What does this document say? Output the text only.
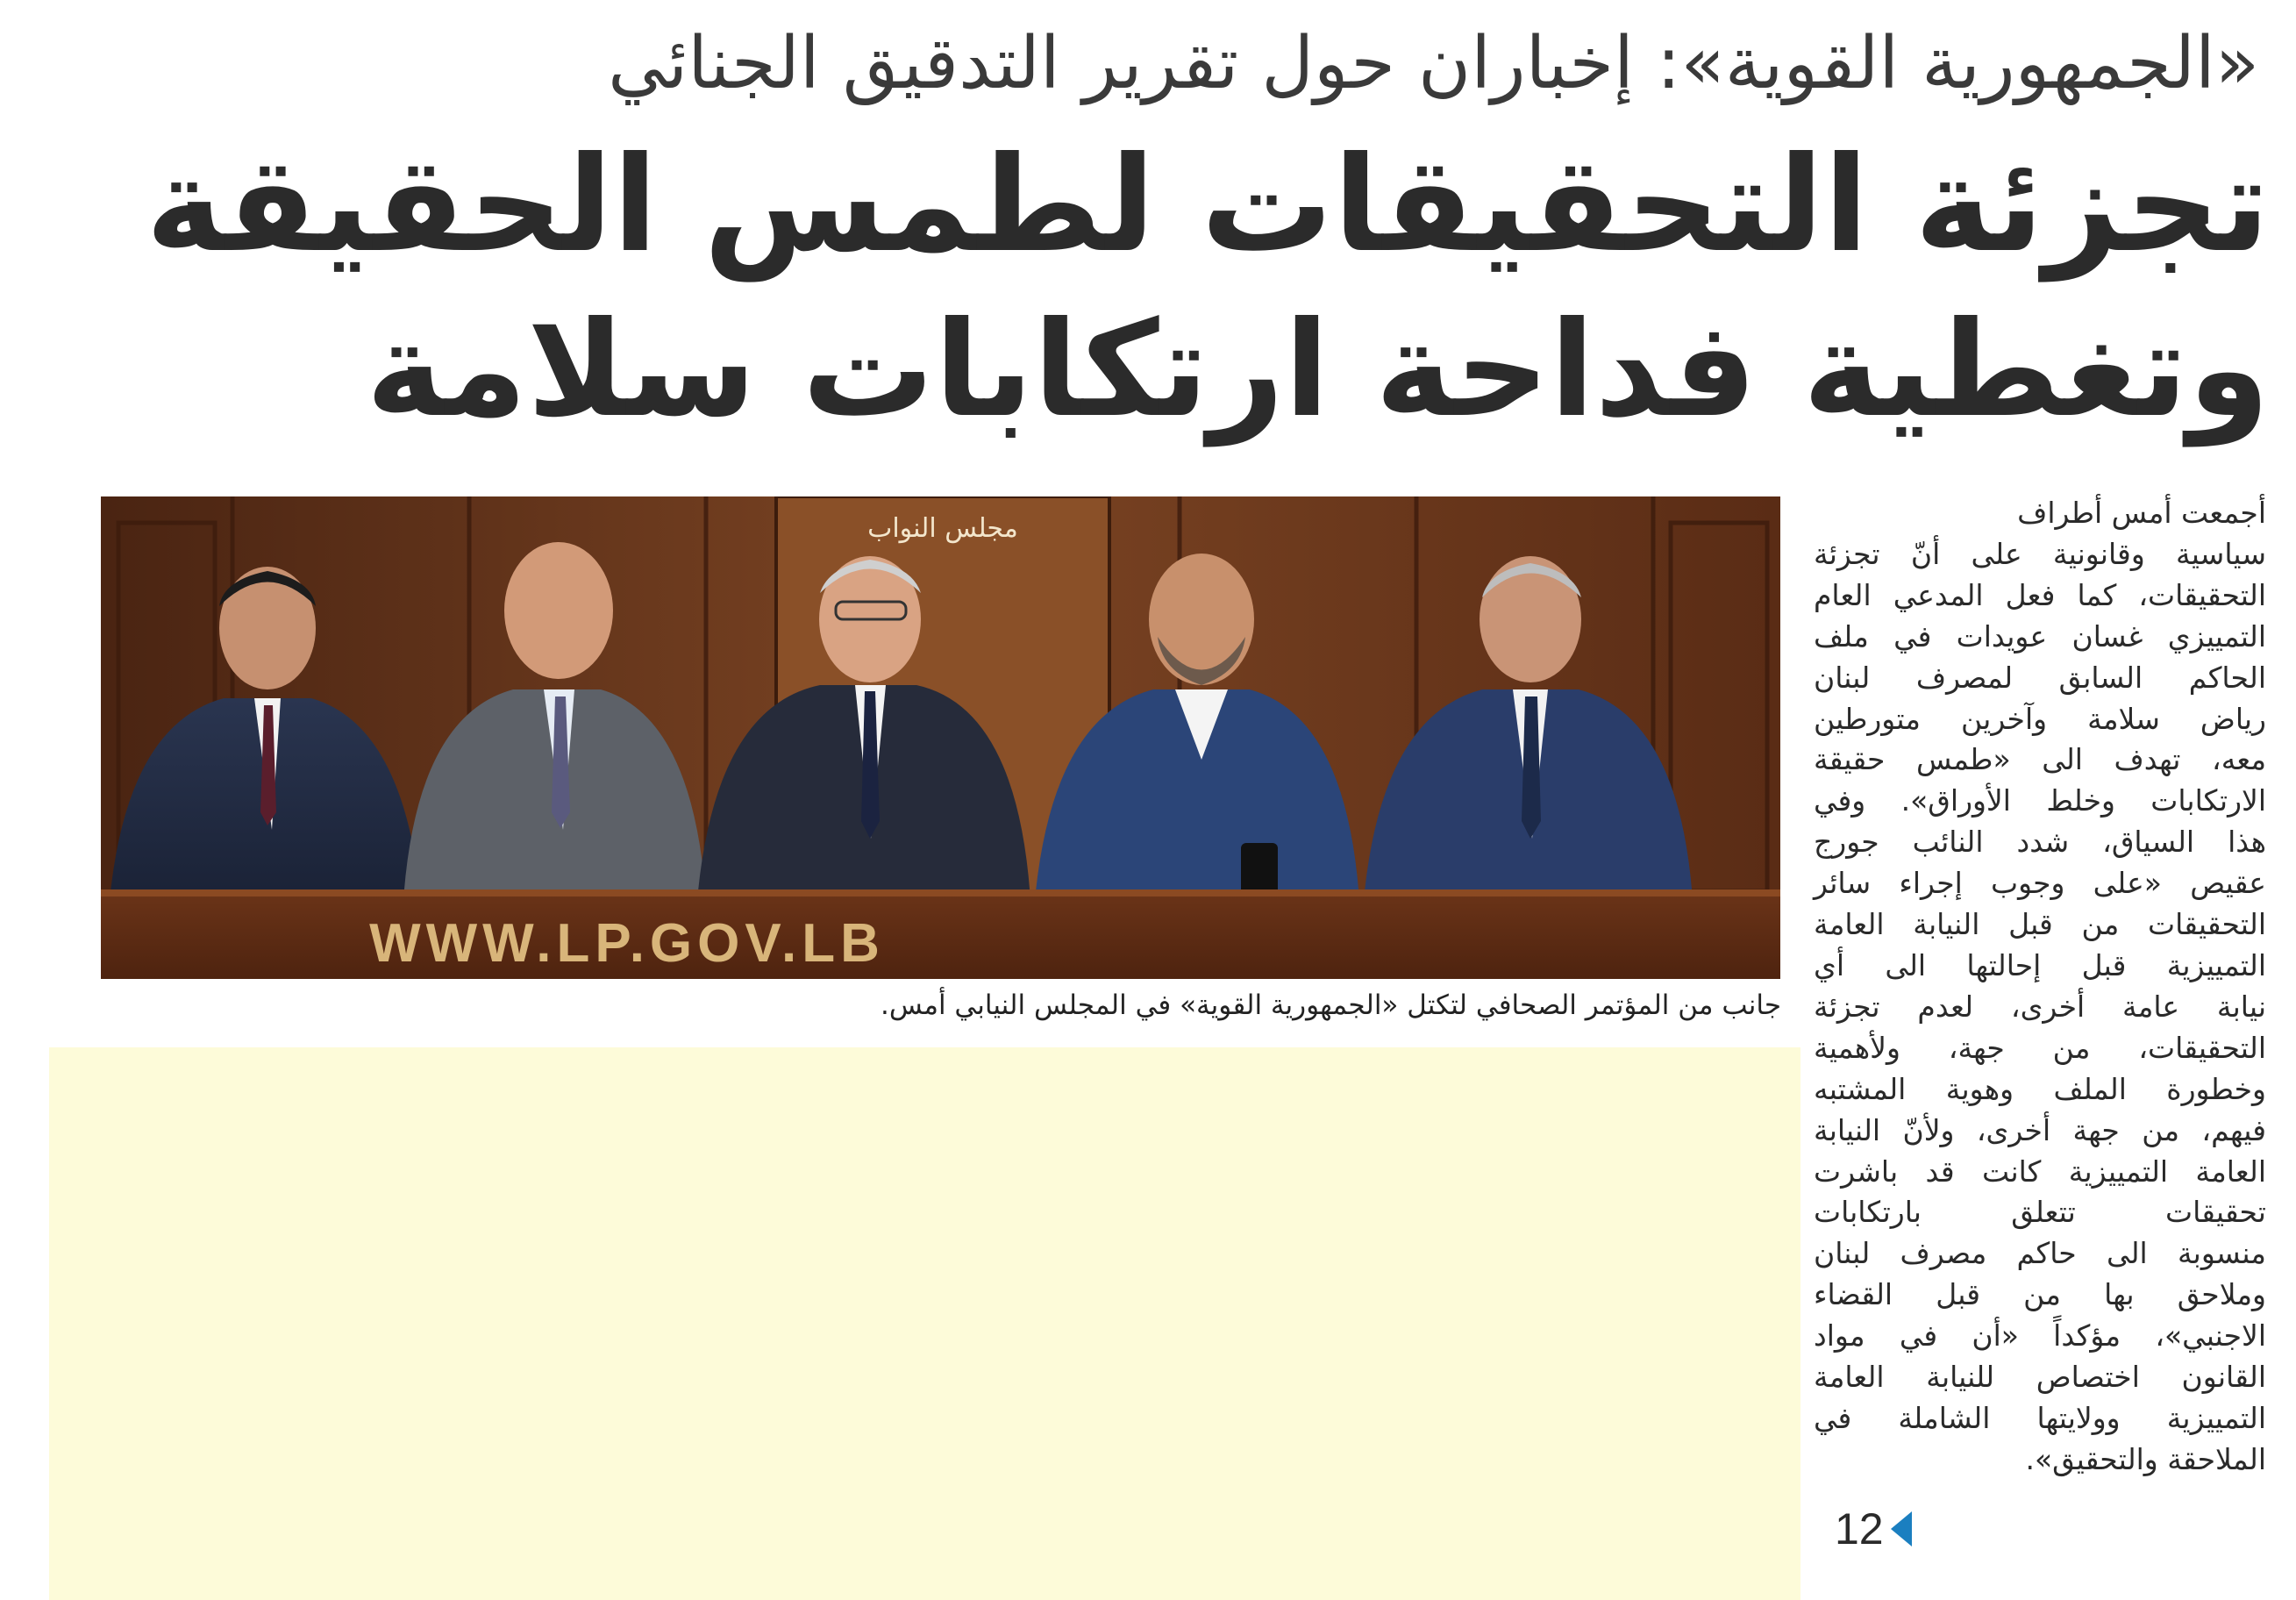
«الجمهورية القوية»: إخباران حول تقرير التدقيق الجنائي
تجزئة التحقيقات لطمس الحقيقة
وتغطية فداحة ارتكابات سلامة
مجلس النواب
WWW.LP.GOV.LB
جانب من المؤتمر الصحافي لتكتل «الجمهورية القوية» في المجلس النيابي أمس.
أجمعت أمس أطراف
سياسية وقانونية على أنّ تجزئة
التحقيقات، كما فعل المدعي العام
التمييزي غسان عويدات في ملف
الحاكم السابق لمصرف لبنان
رياض سلامة وآخرين متورطين
معه، تهدف الى «طمس حقيقة
الارتكابات وخلط الأوراق». وفي
هذا السياق، شدد النائب جورج
عقيص «على وجوب إجراء سائر
التحقيقات من قبل النيابة العامة
التمييزية قبل إحالتها الى أي
نيابة عامة أخرى، لعدم تجزئة
التحقيقات، من جهة، ولأهمية
وخطورة الملف وهوية المشتبه
فيهم، من جهة أخرى، ولأنّ النيابة
العامة التمييزية كانت قد باشرت
تحقيقات تتعلق بارتكابات
منسوبة الى حاكم مصرف لبنان
وملاحق بها من قبل القضاء
الاجنبي»، مؤكداً «أن في مواد
القانون اختصاص للنيابة العامة
التمييزية وولايتها الشاملة في
الملاحقة والتحقيق».
12
